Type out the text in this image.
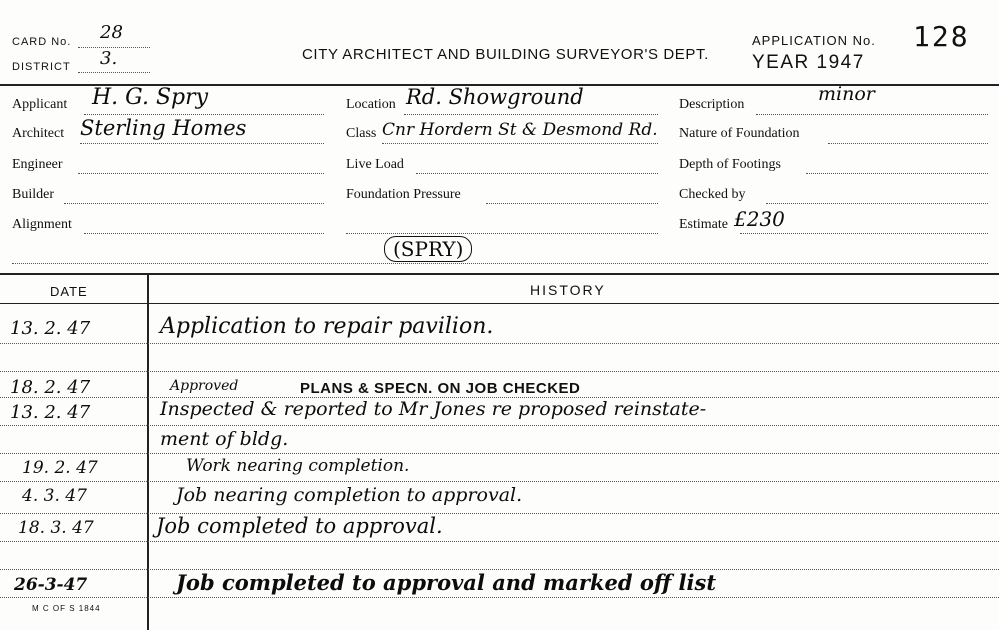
CARD No. 28
DISTRICT 3.	CITY ARCHITECT AND BUILDING SURVEYOR'S DEPT.
APPLICATION No. 128
YEAR 1947
Applicant H. G. Spry
Architect Sterling Homes
Engineer
Builder
Alignment
Location Rd. Showground
Class Cnr Hordern St & Desmond Rd.
Live Load
Foundation Pressure
(SPRY)
Description	minor
Nature of Foundation
Depth of Footings
Checked by
Estimate £230
DATE	HISTORY
13. 2. 47	Application to repair pavilion.
18. 2. 47	Approved	PLANS & SPECN. ON JOB CHECKED
13. 2. 47	Inspected & reported to Mr Jones re proposed reinstate-
ment of bldg.
19. 2. 47	Work nearing completion.
4. 3. 47	Job nearing completion to approval.
18. 3. 47	Job completed to approval.
26-3-47	Job completed to approval and marked off list
M C OF S 1844
